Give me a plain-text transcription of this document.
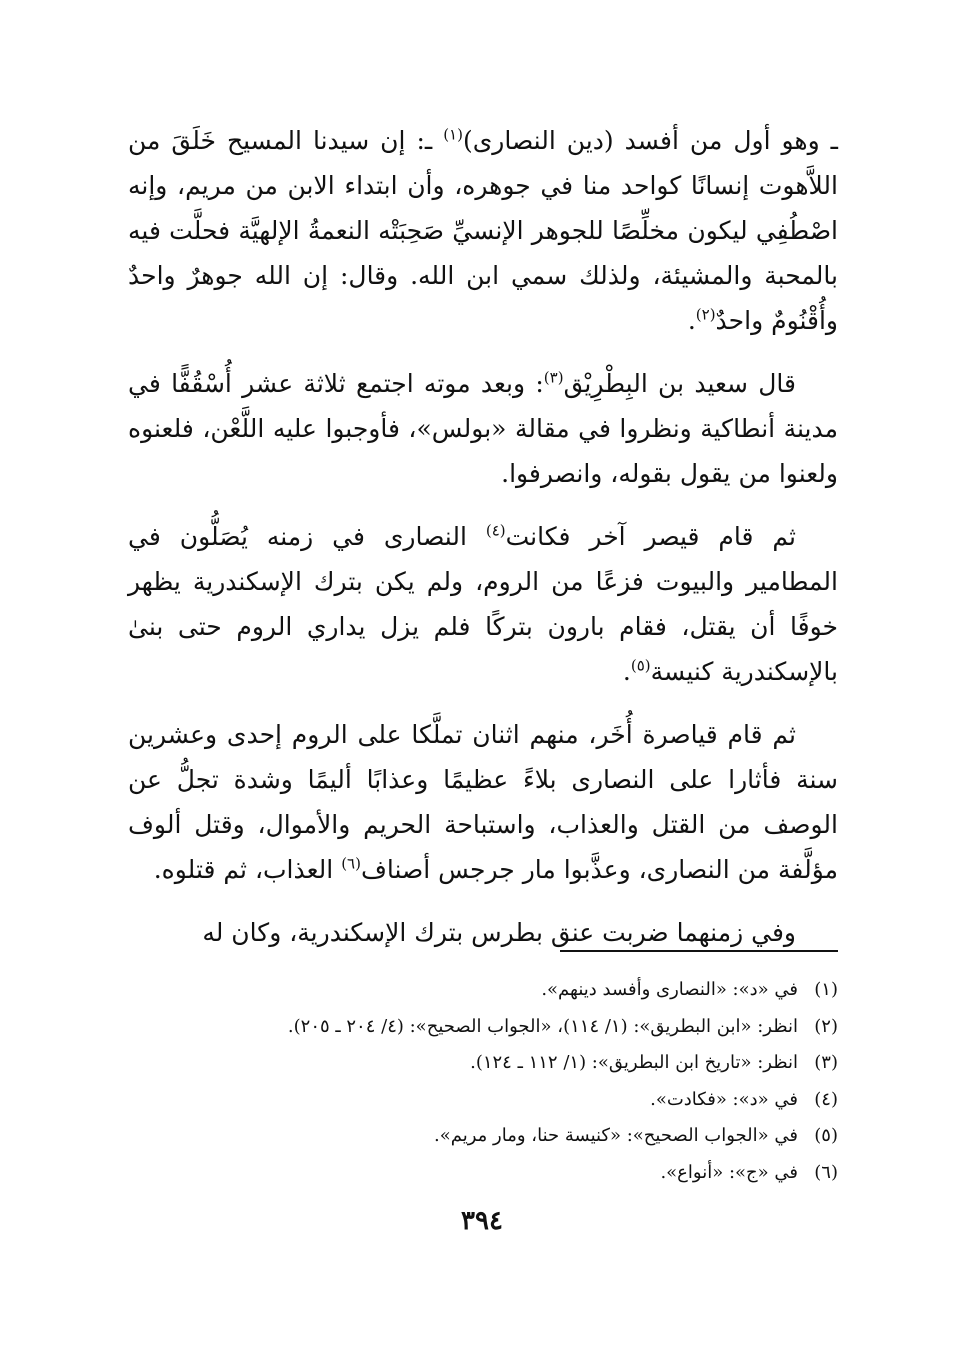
ـ وهو أول من أفسد (دين النصارى)$^{(١)}$ ـ: إن سيدنا المسيح خَلَقَ من اللاَّهوت إنسانًا كواحد منا في جوهره، وأن ابتداء الابن من مريم، وإنه اصْطُفِي ليكون مخلِّصًا للجوهر الإنسيِّ صَحِبَتْه النعمةُ الإلهيَّة فحلَّت فيه بالمحبة والمشيئة، ولذلك سمي ابن الله. وقال: إن الله جوهرٌ واحدٌ وأُقْنُومٌ واحدٌ$^{(٢)}$.

قال سعيد بن البِطْرِيْق$^{(٣)}$: وبعد موته اجتمع ثلاثة عشر أُسْقُفًّا في مدينة أنطاكية ونظروا في مقالة «بولس»، فأوجبوا عليه اللَّعْن، فلعنوه ولعنوا من يقول بقوله، وانصرفوا.

ثم قام قيصر آخر فكانت$^{(٤)}$ النصارى في زمنه يُصَلُّون في المطامير والبيوت فزعًا من الروم، ولم يكن بترك الإسكندرية يظهر خوفًا أن يقتل، فقام بارون بتركًا فلم يزل يداري الروم حتى بنىٰ بالإسكندرية كنيسة$^{(٥)}$.

ثم قام قياصرة أُخَر، منهم اثنان تملَّكا على الروم إحدى وعشرين سنة فأثارا على النصارى بلاءً عظيمًا وعذابًا أليمًا وشدة تجلُّ عن الوصف من القتل والعذاب، واستباحة الحريم والأموال، وقتل ألوف مؤلَّفة من النصارى، وعذَّبوا مار جرجس أصناف$^{(٦)}$ العذاب، ثم قتلوه.

وفي زمنهما ضربت عنق بطرس بترك الإسكندرية، وكان له

(١)في «د»: «النصارى وأفسد دينهم».
(٢)انظر: «ابن البطريق»: (١/ ١١٤)، «الجواب الصحيح»: (٤/ ٢٠٤ ـ ٢٠٥).
(٣)انظر: «تاريخ ابن البطريق»: (١/ ١١٢ ـ ١٢٤).
(٤)في «د»: «فكادت».
(٥)في «الجواب الصحيح»: «كنيسة حنا، ومار مريم».
(٦)في «ج»: «أنواع».
٣٩٤
